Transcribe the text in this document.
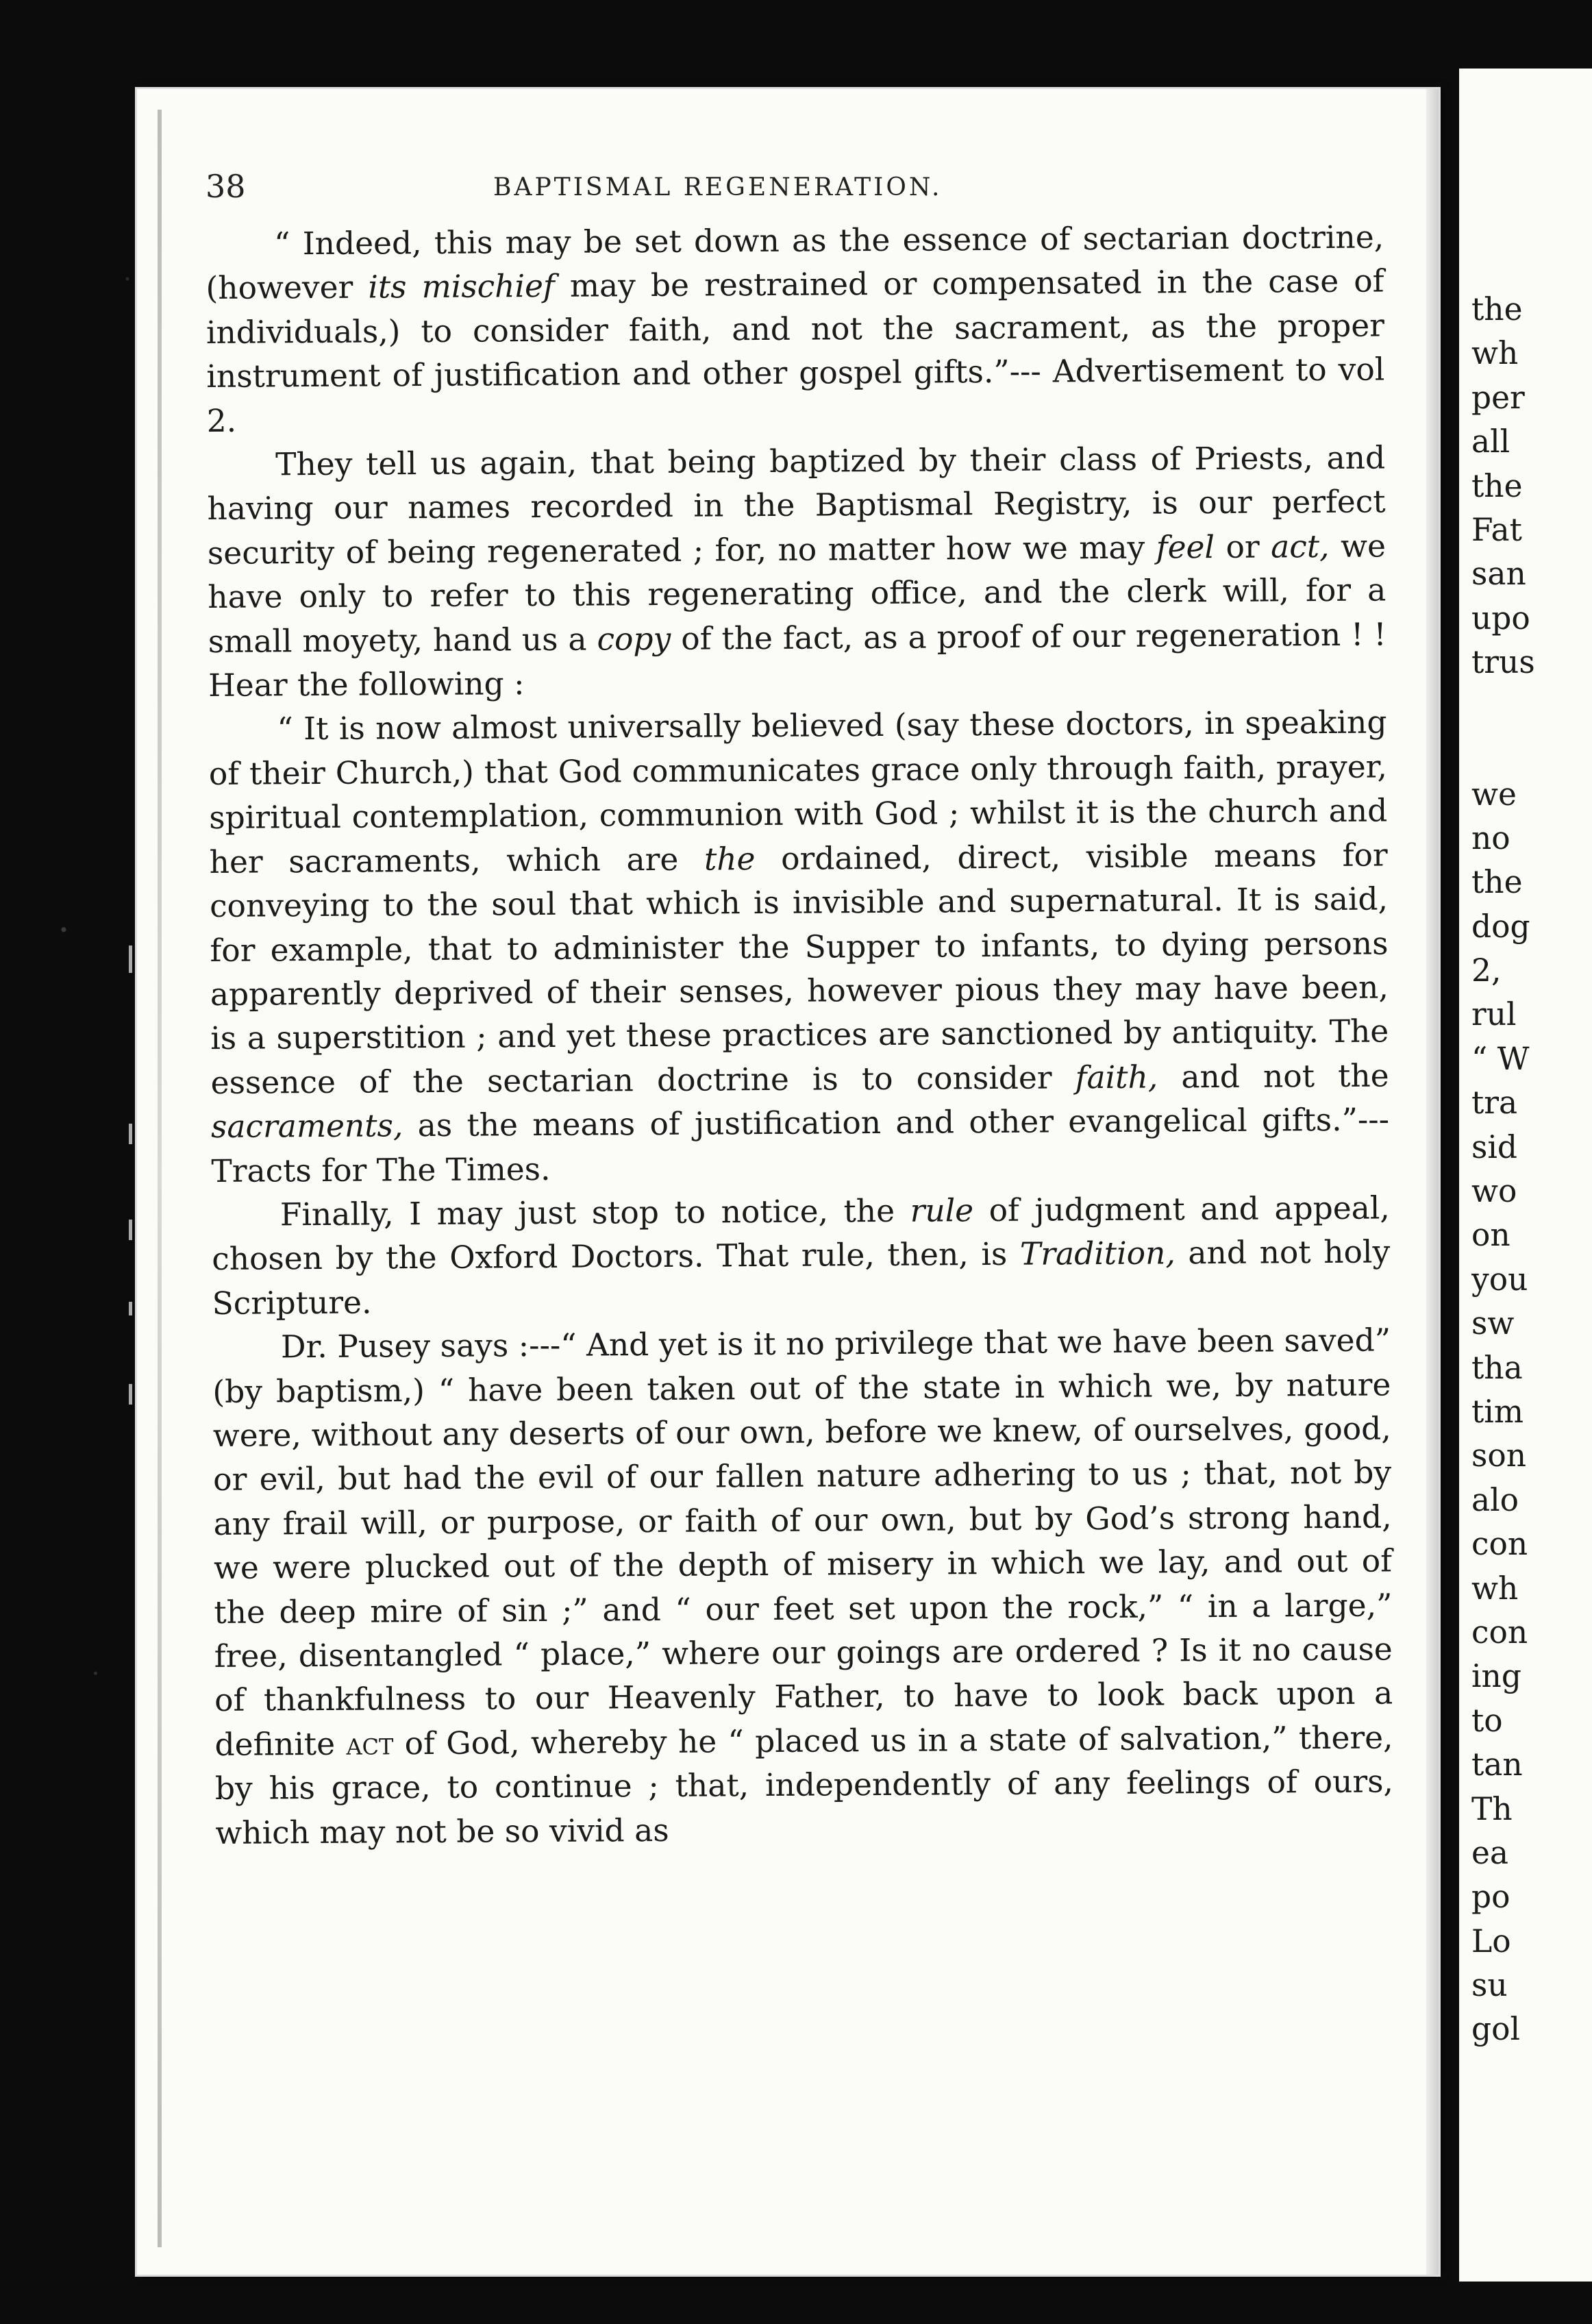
38	BAPTISMAL REGENERATION.

“ Indeed, this may be set down as the essence of sectarian doctrine, (however its mischief may be restrained or compensated in the case of individuals,) to consider faith, and not the sacrament, as the proper instrument of justification and other gospel gifts.”--- Advertisement to vol 2.

They tell us again, that being baptized by their class of Priests, and having our names recorded in the Baptismal Registry, is our perfect security of being regenerated ; for, no matter how we may feel or act, we have only to refer to this regenerating office, and the clerk will, for a small moyety, hand us a copy of the fact, as a proof of our regeneration ! ! Hear the following :

“ It is now almost universally believed (say these doctors, in speaking of their Church,) that God communicates grace only through faith, prayer, spiritual contemplation, communion with God ; whilst it is the church and her sacraments, which are the ordained, direct, visible means for conveying to the soul that which is invisible and supernatural. It is said, for example, that to administer the Supper to infants, to dying persons apparently deprived of their senses, however pious they may have been, is a superstition ; and yet these practices are sanctioned by antiquity. The essence of the sectarian doctrine is to consider faith, and not the sacraments, as the means of justification and other evangelical gifts.”---Tracts for The Times.

Finally, I may just stop to notice, the rule of judgment and appeal, chosen by the Oxford Doctors. That rule, then, is Tradition, and not holy Scripture.

Dr. Pusey says :---“ And yet is it no privilege that we have been saved” (by baptism,) “ have been taken out of the state in which we, by nature were, without any deserts of our own, before we knew, of ourselves, good, or evil, but had the evil of our fallen nature adhering to us ; that, not by any frail will, or purpose, or faith of our own, but by God’s strong hand, we were plucked out of the depth of misery in which we lay, and out of the deep mire of sin ;” and “ our feet set upon the rock,” “ in a large,” free, disentangled “ place,” where our goings are ordered ? Is it no cause of thankfulness to our Heavenly Father, to have to look back upon a definite act of God, whereby he “ placed us in a state of salvation,” there, by his grace, to continue ; that, independently of any feelings of ours, which may not be so vivid as

the
wh
per
all
the
Fat
san
upo
trus
we
no
the
dog
2,
rul
“ W
tra
sid
wo
on
you
sw
tha
tim
son
alo
con
wh
con
ing
to
tan
Th
ea
po
Lo
su
gol
